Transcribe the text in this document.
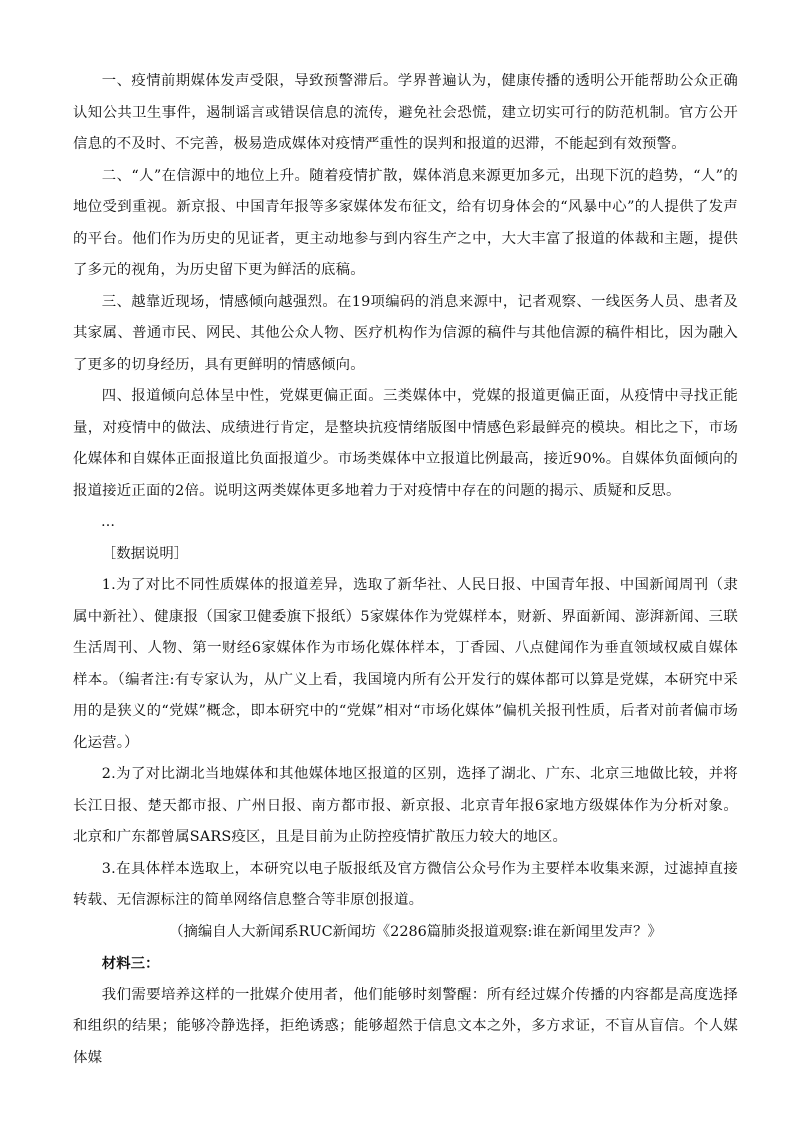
一、疫情前期媒体发声受限，导致预警滞后。学界普遍认为，健康传播的透明公开能帮助公众正确认知公共卫生事件，遏制谣言或错误信息的流传，避免社会恐慌，建立切实可行的防范机制。官方公开信息的不及时、不完善，极易造成媒体对疫情严重性的误判和报道的迟滞，不能起到有效预警。

二、“人”在信源中的地位上升。随着疫情扩散，媒体消息来源更加多元，出现下沉的趋势，“人”的地位受到重视。新京报、中国青年报等多家媒体发布征文，给有切身体会的“风暴中心”的人提供了发声的平台。他们作为历史的见证者，更主动地参与到内容生产之中，大大丰富了报道的体裁和主题，提供了多元的视角，为历史留下更为鲜活的底稿。

三、越靠近现场，情感倾向越强烈。在19项编码的消息来源中，记者观察、一线医务人员、患者及其家属、普通市民、网民、其他公众人物、医疗机构作为信源的稿件与其他信源的稿件相比，因为融入了更多的切身经历，具有更鲜明的情感倾向。

四、报道倾向总体呈中性，党媒更偏正面。三类媒体中，党媒的报道更偏正面，从疫情中寻找正能量，对疫情中的做法、成绩进行肯定，是整块抗疫情绪版图中情感色彩最鲜亮的模块。相比之下，市场化媒体和自媒体正面报道比负面报道少。市场类媒体中立报道比例最高，接近90%。自媒体负面倾向的报道接近正面的2倍。说明这两类媒体更多地着力于对疫情中存在的问题的揭示、质疑和反思。

…

［数据说明］

1.为了对比不同性质媒体的报道差异，选取了新华社、人民日报、中国青年报、中国新闻周刊（隶属中新社）、健康报（国家卫健委旗下报纸）5家媒体作为党媒样本，财新、界面新闻、澎湃新闻、三联生活周刊、人物、第一财经6家媒体作为市场化媒体样本，丁香园、八点健闻作为垂直领域权威自媒体样本。（编者注:有专家认为，从广义上看，我国境内所有公开发行的媒体都可以算是党媒，本研究中采用的是狭义的“党媒”概念，即本研究中的“党媒”相对“市场化媒体”偏机关报刊性质，后者对前者偏市场化运营。）

2.为了对比湖北当地媒体和其他媒体地区报道的区别，选择了湖北、广东、北京三地做比较，并将长江日报、楚天都市报、广州日报、南方都市报、新京报、北京青年报6家地方级媒体作为分析对象。北京和广东都曾属SARS疫区，且是目前为止防控疫情扩散压力较大的地区。

3.在具体样本选取上，本研究以电子版报纸及官方微信公众号作为主要样本收集来源，过滤掉直接转载、无信源标注的简单网络信息整合等非原创报道。

（摘编自人大新闻系RUC新闻坊《2286篇肺炎报道观察:谁在新闻里发声？》

材料三：

我们需要培养这样的一批媒介使用者，他们能够时刻警醒：所有经过媒介传播的内容都是高度选择和组织的结果；能够冷静选择，拒绝诱惑；能够超然于信息文本之外，多方求证，不盲从盲信。个人媒体媒
